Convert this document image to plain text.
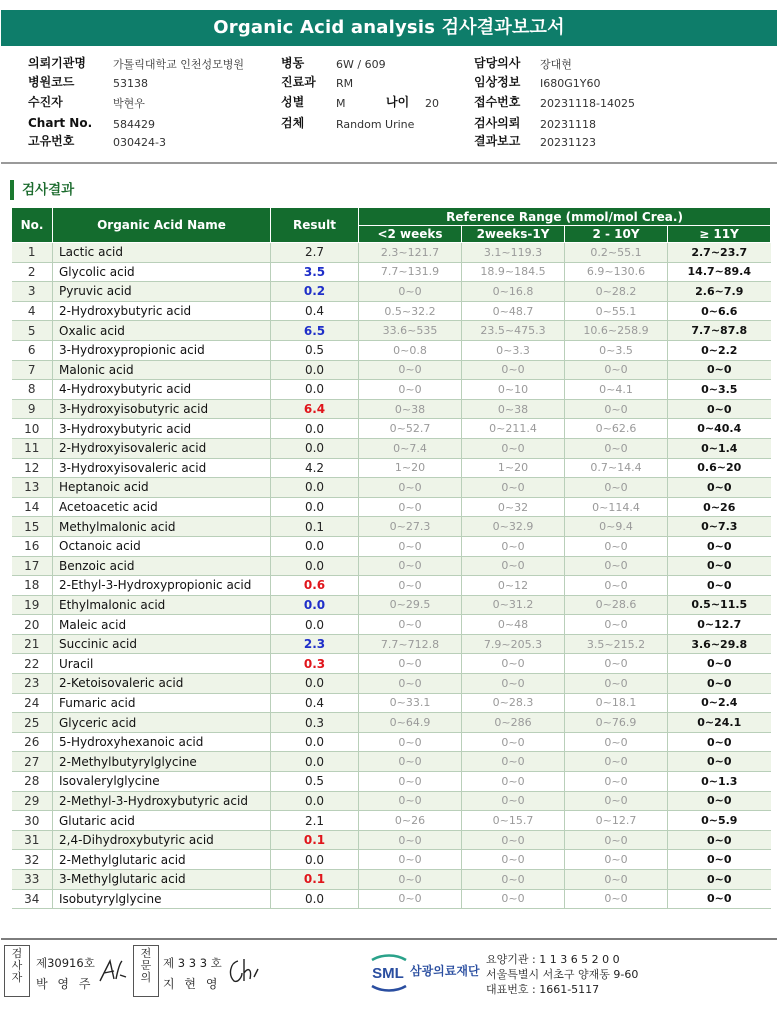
Organic Acid analysis 검사결과보고서
의뢰기관명 가톨릭대학교 인천성모병원
병원코드	53138
수진자	박현우
Chart No. 584429
고유번호	030424-3
병동	6W / 609
진료과 RM
성별	M
검체	Random Urine
나이 20
담당의사 장대현
임상정보 I680G1Y60
접수번호 20231118-14025
검사의뢰 20231118
결과보고 20231123
검사결과
No.	Organic Acid Name	Result	Reference Range (mmol/mol Crea.)			
			<2 weeks	2weeks-1Y	2 - 10Y	≥ 11Y
1	Lactic acid	2.7	2.3~121.7	3.1~119.3	0.2~55.1	2.7~23.7
2	Glycolic acid	3.5	7.7~131.9	18.9~184.5	6.9~130.6	14.7~89.4
3	Pyruvic acid	0.2	0~0	0~16.8	0~28.2	2.6~7.9
4	2-Hydroxybutyric acid	0.4	0.5~32.2	0~48.7	0~55.1	0~6.6
5	Oxalic acid	6.5	33.6~535	23.5~475.3	10.6~258.9	7.7~87.8
6	3-Hydroxypropionic acid	0.5	0~0.8	0~3.3	0~3.5	0~2.2
7	Malonic acid	0.0	0~0	0~0	0~0	0~0
8	4-Hydroxybutyric acid	0.0	0~0	0~10	0~4.1	0~3.5
9	3-Hydroxyisobutyric acid	6.4	0~38	0~38	0~0	0~0
10	3-Hydroxybutyric acid	0.0	0~52.7	0~211.4	0~62.6	0~40.4
11	2-Hydroxyisovaleric acid	0.0	0~7.4	0~0	0~0	0~1.4
12	3-Hydroxyisovaleric acid	4.2	1~20	1~20	0.7~14.4	0.6~20
13	Heptanoic acid	0.0	0~0	0~0	0~0	0~0
14	Acetoacetic acid	0.0	0~0	0~32	0~114.4	0~26
15	Methylmalonic acid	0.1	0~27.3	0~32.9	0~9.4	0~7.3
16	Octanoic acid	0.0	0~0	0~0	0~0	0~0
17	Benzoic acid	0.0	0~0	0~0	0~0	0~0
18	2-Ethyl-3-Hydroxypropionic acid	0.6	0~0	0~12	0~0	0~0
19	Ethylmalonic acid	0.0	0~29.5	0~31.2	0~28.6	0.5~11.5
20	Maleic acid	0.0	0~0	0~48	0~0	0~12.7
21	Succinic acid	2.3	7.7~712.8	7.9~205.3	3.5~215.2	3.6~29.8
22	Uracil	0.3	0~0	0~0	0~0	0~0
23	2-Ketoisovaleric acid	0.0	0~0	0~0	0~0	0~0
24	Fumaric acid	0.4	0~33.1	0~28.3	0~18.1	0~2.4
25	Glyceric acid	0.3	0~64.9	0~286	0~76.9	0~24.1
26	5-Hydroxyhexanoic acid	0.0	0~0	0~0	0~0	0~0
27	2-Methylbutyrylglycine	0.0	0~0	0~0	0~0	0~0
28	Isovalerylglycine	0.5	0~0	0~0	0~0	0~1.3
29	2-Methyl-3-Hydroxybutyric acid	0.0	0~0	0~0	0~0	0~0
30	Glutaric acid	2.1	0~26	0~15.7	0~12.7	0~5.9
31	2,4-Dihydroxybutyric acid	0.1	0~0	0~0	0~0	0~0
32	2-Methylglutaric acid	0.0	0~0	0~0	0~0	0~0
33	3-Methylglutaric acid	0.1	0~0	0~0	0~0	0~0
34	Isobutyrylglycine	0.0	0~0	0~0	0~0	0~0
검사자
제30916호
박 영 주
전문의
제 3 3 3 호
지 현 영
SML 삼광의료재단
요양기관 : 1 1 3 6 5 2 0 0
서울특별시 서초구 양재동 9-60
대표번호 : 1661-5117
